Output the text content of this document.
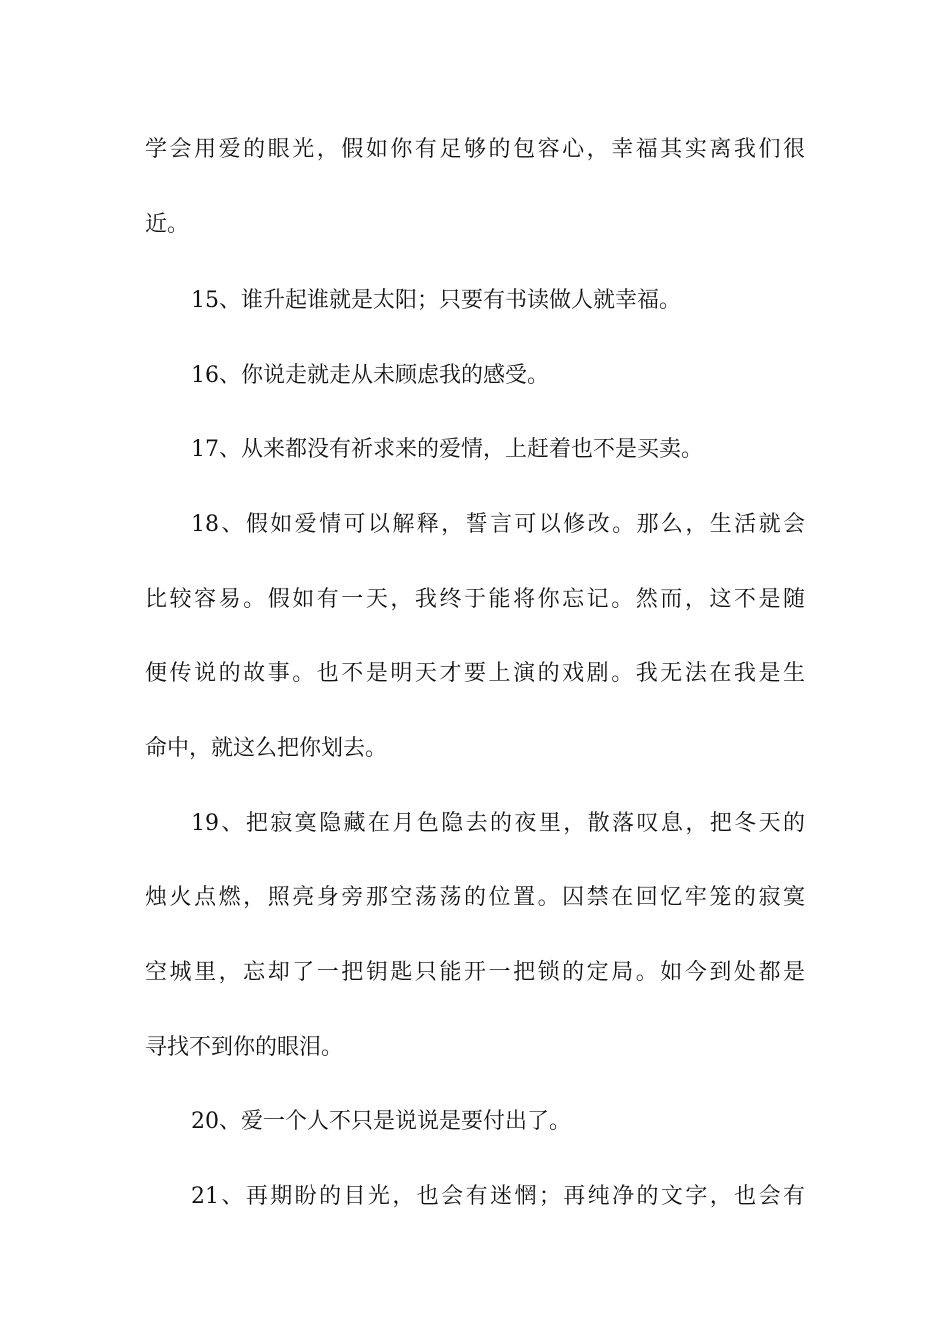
学会用爱的眼光，假如你有足够的包容心，幸福其实离我们很
近。
15、谁升起谁就是太阳；只要有书读做人就幸福。
16、你说走就走从未顾虑我的感受。
17、从来都没有祈求来的爱情，上赶着也不是买卖。
18、假如爱情可以解释，誓言可以修改。那么，生活就会
比较容易。假如有一天，我终于能将你忘记。然而，这不是随
便传说的故事。也不是明天才要上演的戏剧。我无法在我是生
命中，就这么把你划去。
19、把寂寞隐藏在月色隐去的夜里，散落叹息，把冬天的
烛火点燃，照亮身旁那空荡荡的位置。囚禁在回忆牢笼的寂寞
空城里，忘却了一把钥匙只能开一把锁的定局。如今到处都是
寻找不到你的眼泪。
20、爱一个人不只是说说是要付出了。
21、再期盼的目光，也会有迷惘；再纯净的文字，也会有
